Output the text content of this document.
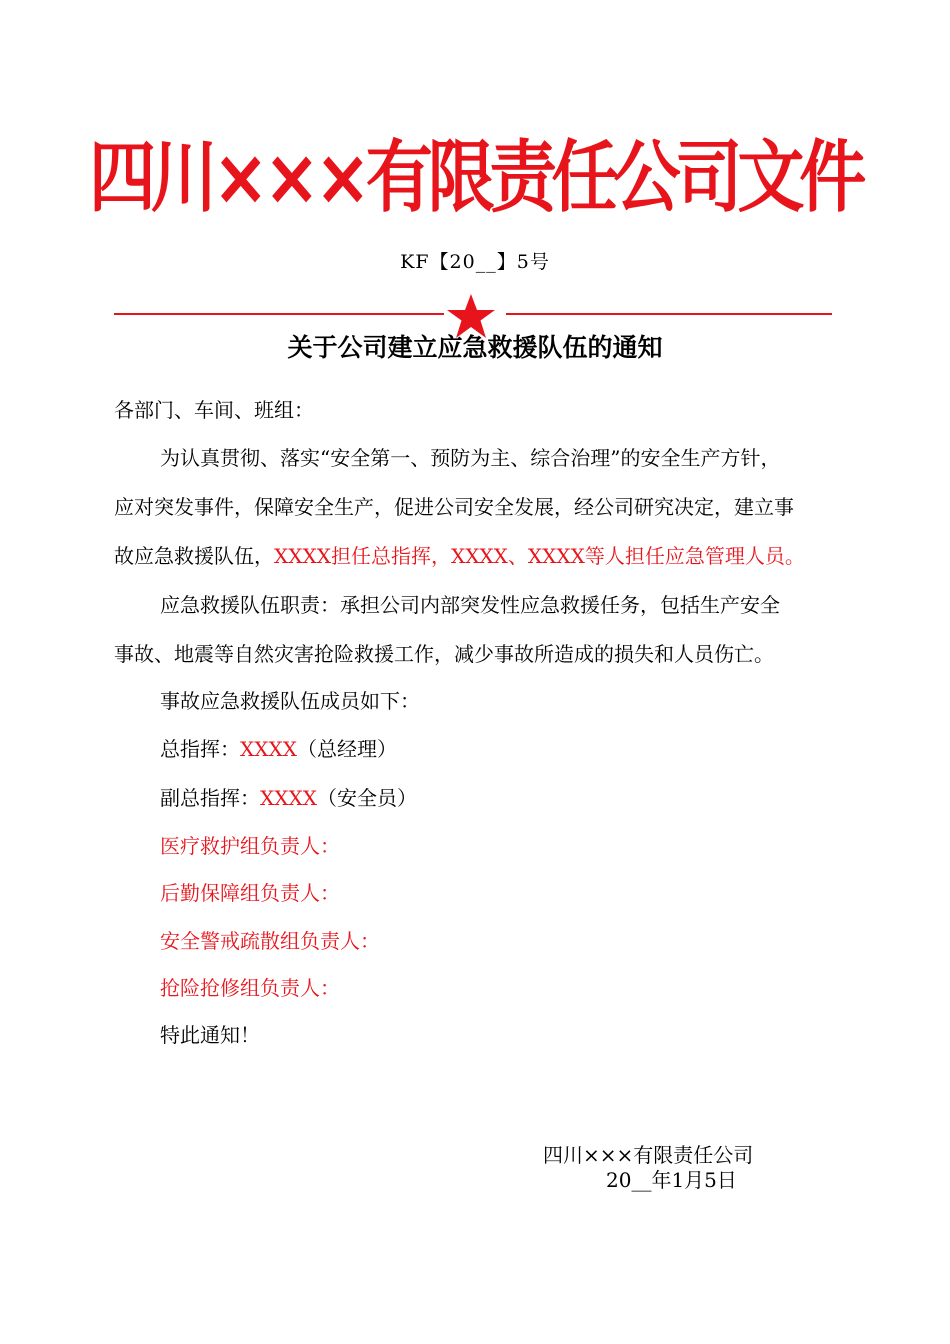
四川×××有限责任公司文件
KF【20__】5号
关于公司建立应急救援队伍的通知
各部门、车间、班组：
为认真贯彻、落实“安全第一、预防为主、综合治理”的安全生产方针，
应对突发事件，保障安全生产，促进公司安全发展，经公司研究决定，建立事
故应急救援队伍，XXXX担任总指挥，XXXX、XXXX等人担任应急管理人员。
应急救援队伍职责：承担公司内部突发性应急救援任务，包括生产安全
事故、地震等自然灾害抢险救援工作，减少事故所造成的损失和人员伤亡。
事故应急救援队伍成员如下：
总指挥：XXXX（总经理）
副总指挥：XXXX（安全员）
医疗救护组负责人：
后勤保障组负责人：
安全警戒疏散组负责人：
抢险抢修组负责人：
特此通知！
四川×××有限责任公司
20__年1月5日
